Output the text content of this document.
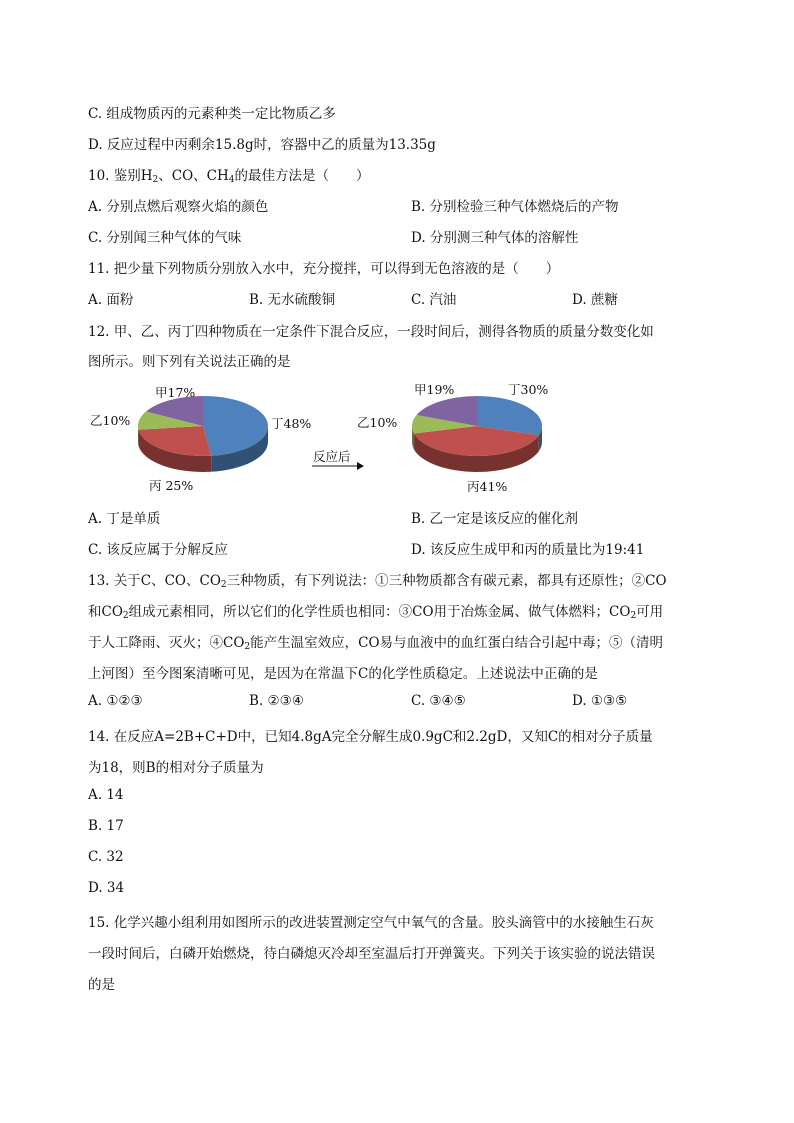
C. 组成物质丙的元素种类一定比物质乙多
D. 反应过程中丙剩余15.8g时，容器中乙的质量为13.35g
10. 鉴别$H_2$、CO、$CH_4$的最佳方法是（　　）
A. 分别点燃后观察火焰的颜色	B. 分别检验三种气体燃烧后的产物
C. 分别闻三种气体的气味	D. 分别测三种气体的溶解性
11. 把少量下列物质分别放入水中，充分搅拌，可以得到无色溶液的是（　　）
A. 面粉	B. 无水硫酸铜	C. 汽油	D. 蔗糖
12. 甲、乙、丙丁四种物质在一定条件下混合反应，一段时间后，测得各物质的质量分数变化如
图所示。则下列有关说法正确的是
丁48%
丙 25%
乙10%
甲17%	丁30%
丙41%
乙10%
甲19%
反应后
A. 丁是单质	B. 乙一定是该反应的催化剂
C. 该反应属于分解反应	D. 该反应生成甲和丙的质量比为19:41
13. 关于C、CO、$CO_2$三种物质，有下列说法：①三种物质都含有碳元素，都具有还原性；②CO
和$CO_2$组成元素相同，所以它们的化学性质也相同：③CO用于冶炼金属、做气体燃料；$CO_2$可用
于人工降雨、灭火；$④CO_2$能产生温室效应，CO易与血液中的血红蛋白结合引起中毒；⑤（清明
上河图）至今图案清晰可见，是因为在常温下C的化学性质稳定。上述说法中正确的是
A. ①②③	B. ②③④	C. ③④⑤	D. ①③⑤
14. 在反应A=2B+C+D中，已知4.8gA完全分解生成0.9gC和2.2gD，又知C的相对分子质量
为18，则B的相对分子质量为
A. 14
B. 17
C. 32
D. 34
15. 化学兴趣小组利用如图所示的改进装置测定空气中氧气的含量。胶头滴管中的水接触生石灰
一段时间后，白磷开始燃烧，待白磷熄灭冷却至室温后打开弹簧夹。下列关于该实验的说法错误
的是
